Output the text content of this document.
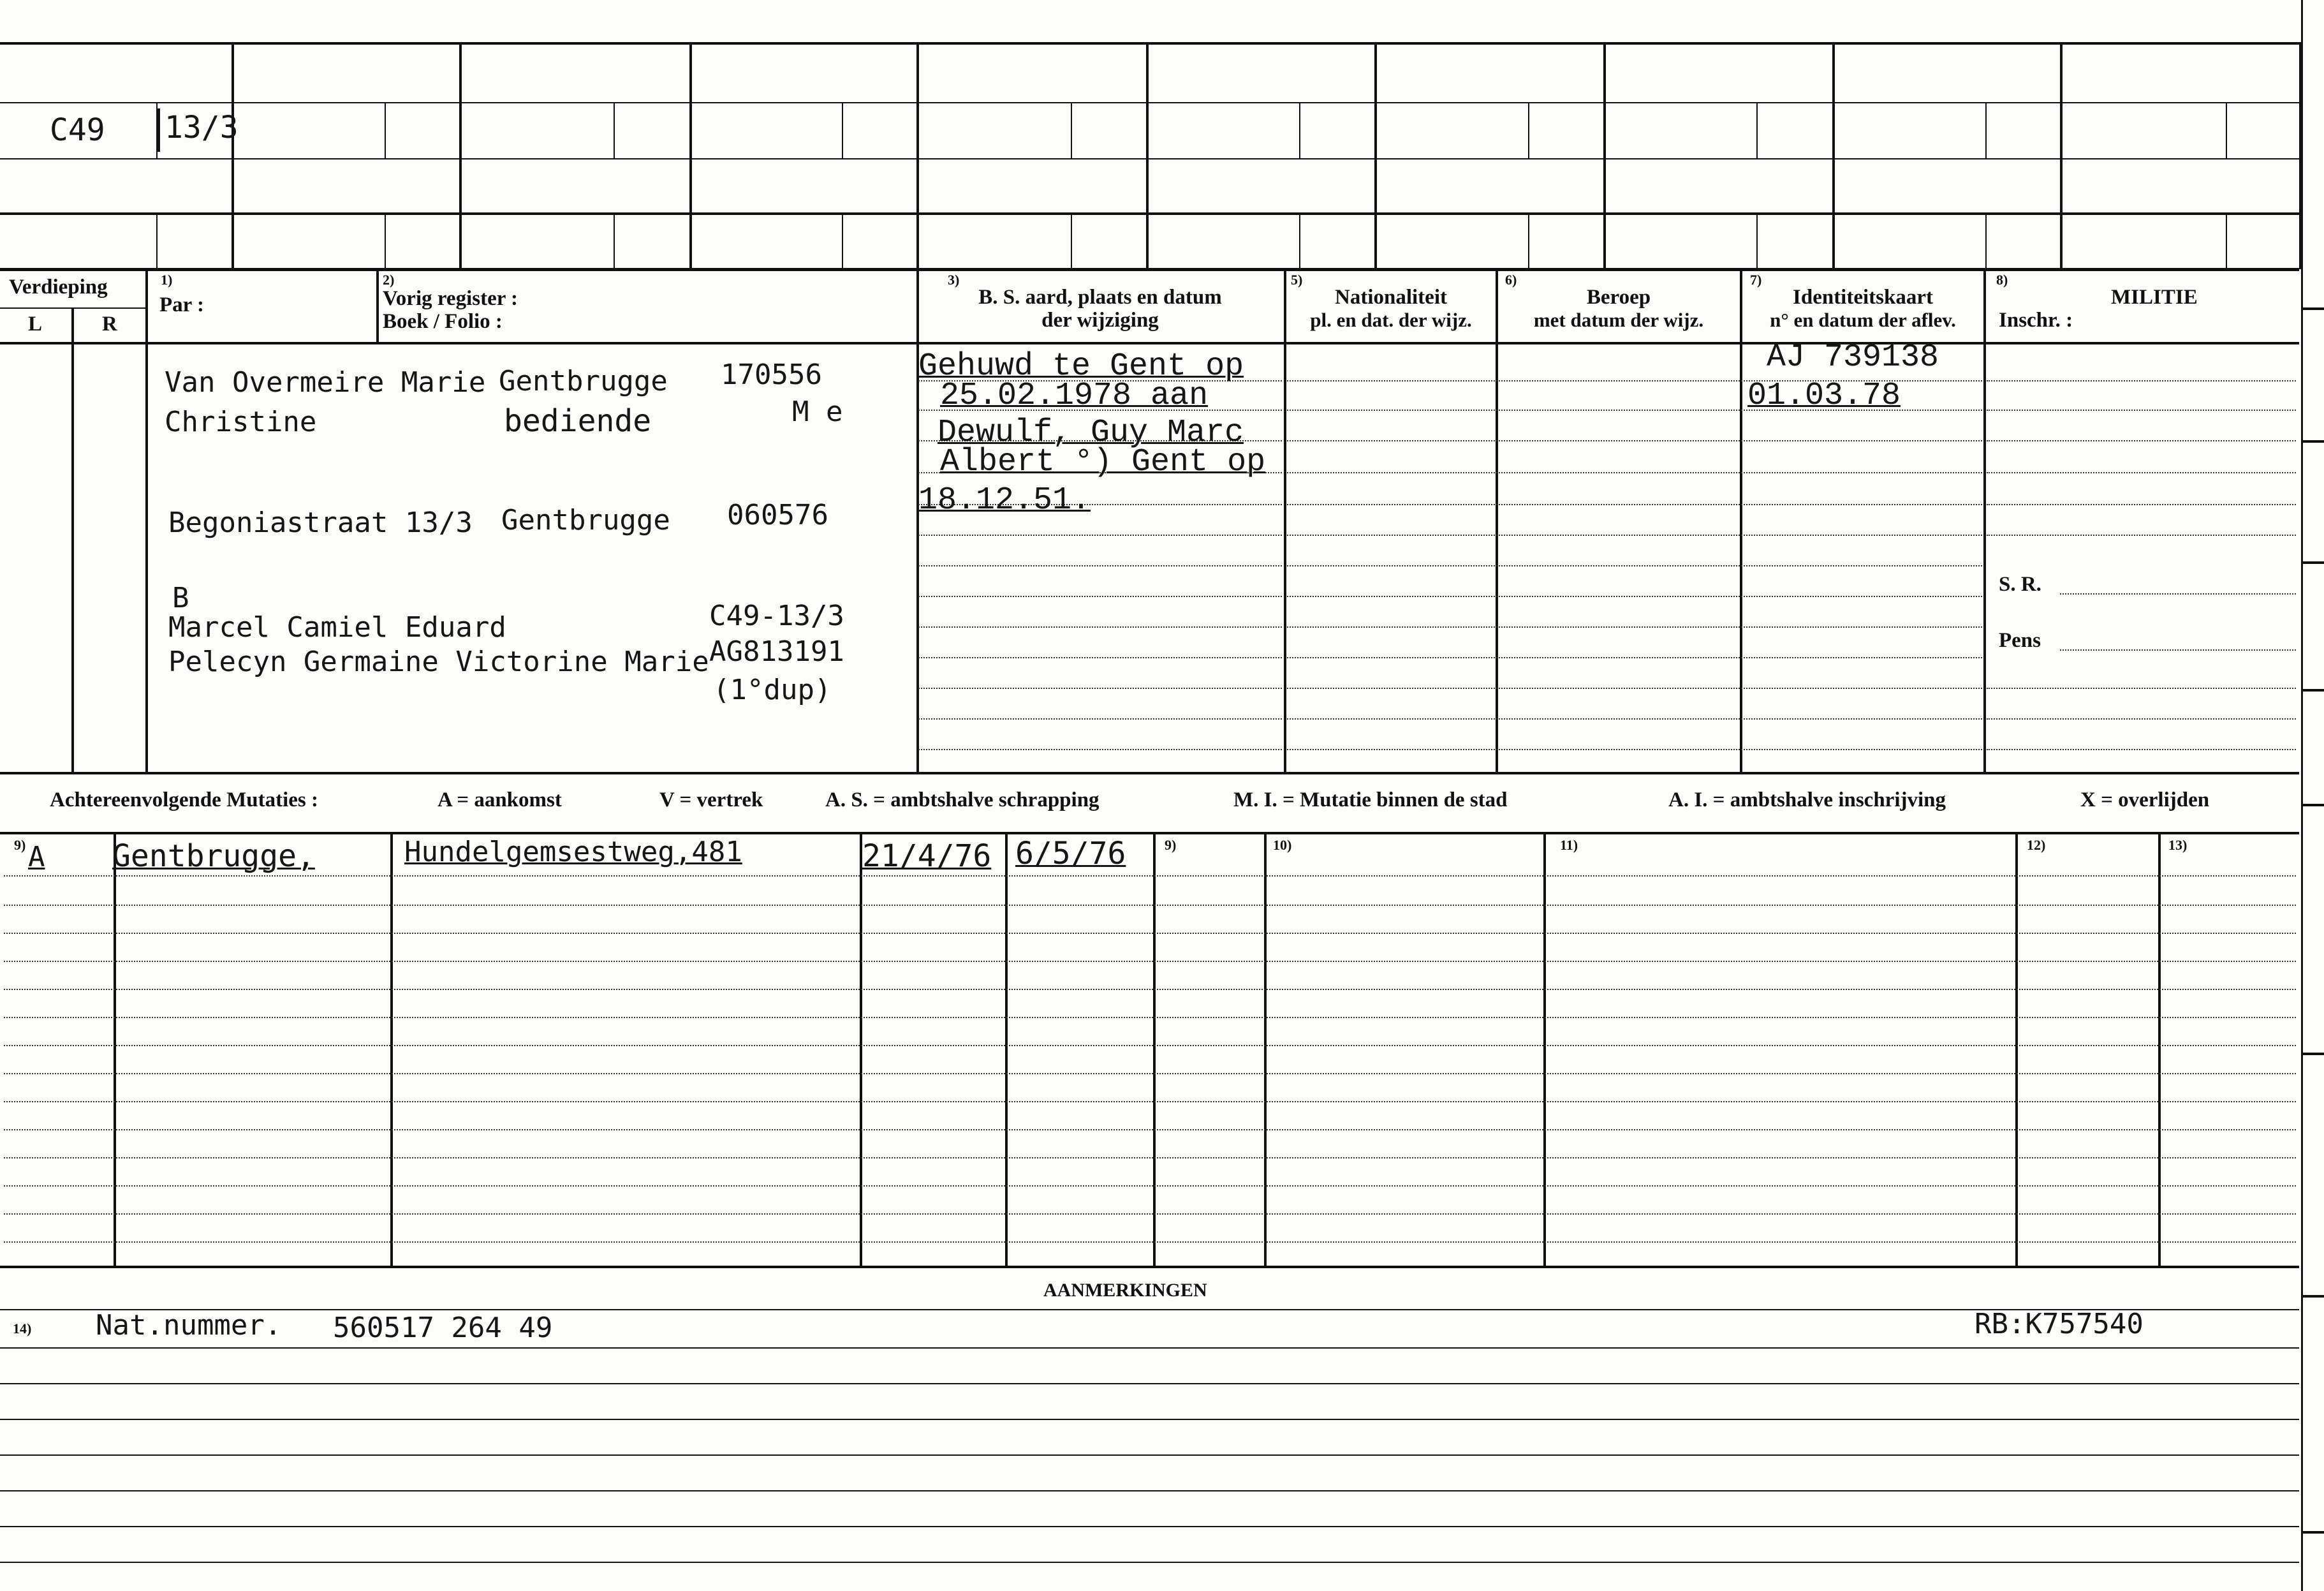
C49 13/3
Verdieping
L	R
1)
Par :
2)
Vorig register :
Boek / Folio :
3)
B. S. aard, plaats en datum
der wijziging
5)
Nationaliteit
pl. en dat. der wijz.
6)
Beroep
met datum der wijz.
7)
Identiteitskaart
n° en datum der aflev.
8)
MILITIE
Inschr. :
Van Overmeire Marie
Christine
Gentbrugge 170556
M e
bediende
Begoniastraat 13/3 Gentbrugge 060576
B
Marcel Camiel Eduard
Pelecyn Germaine Victorine Marie
C49-13/3
AG813191
(1°dup)
Gehuwd te Gent op
25.02.1978 aan
Dewulf, Guy Marc
Albert °) Gent op
18.12.51.
AJ 739138
01.03.78
S. R.
Pens
Achtereenvolgende Mutaties :	A = aankomst	V = vertrek	A. S. = ambtshalve schrapping	M. I. = Mutatie binnen de stad	A. I. = ambtshalve inschrijving	X = overlijden
9)	9)	10)	11)	12)	13)
A Gentbrugge,	Hundelgemsestweg,481	21/4/76 6/5/76
AANMERKINGEN
14) Nat.nummer. 560517 264 49	RB:K757540
